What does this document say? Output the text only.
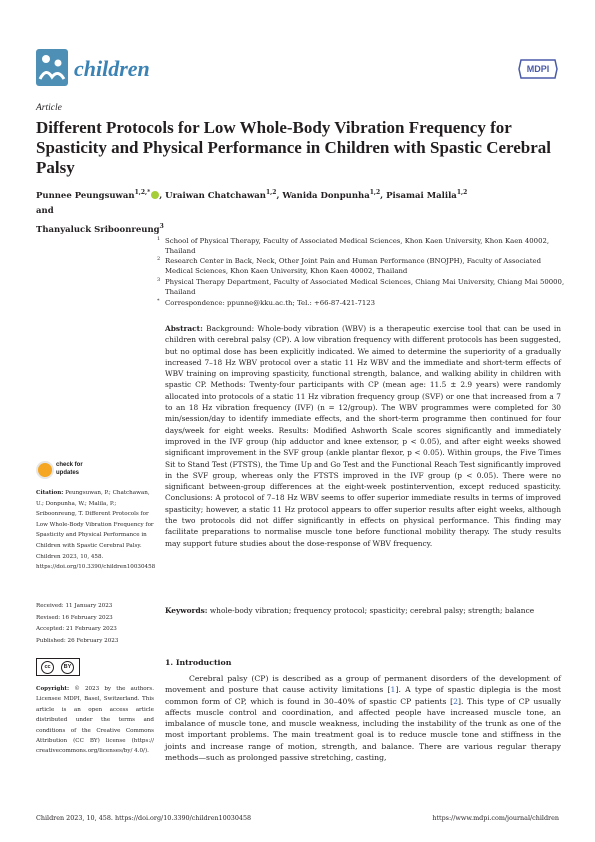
children	MDPI
Article
Different Protocols for Low Whole-Body Vibration Frequency for Spasticity and Physical Performance in Children with Spastic Cerebral Palsy
Punnee Peungsuwan$^{1,2,*}$ , Uraiwan Chatchawan$^{1,2}$, Wanida Donpunha$^{1,2}$, Pisamai Malila$^{1,2}$ and
Thanyaluck Sriboonreung$^3$
1 School of Physical Therapy, Faculty of Associated Medical Sciences, Khon Kaen University, Khon Kaen 40002, Thailand
2 Research Center in Back, Neck, Other Joint Pain and Human Performance (BNOJPH), Faculty of Associated Medical Sciences, Khon Kaen University, Khon Kaen 40002, Thailand
3 Physical Therapy Department, Faculty of Associated Medical Sciences, Chiang Mai University, Chiang Mai 50000, Thailand
* Correspondence: ppunne@kku.ac.th; Tel.: +66-87-421-7123
Abstract: Background: Whole-body vibration (WBV) is a therapeutic exercise tool that can be used in children with cerebral palsy (CP). A low vibration frequency with different protocols has been suggested, but no optimal dose has been explicitly indicated. We aimed to determine the superiority of a gradually increased 7–18 Hz WBV protocol over a static 11 Hz WBV and the immediate and short-term effects of WBV training on improving spasticity, functional strength, balance, and walking ability in children with spastic CP. Methods: Twenty-four participants with CP (mean age: 11.5 ± 2.9 years) were randomly allocated into protocols of a static 11 Hz vibration frequency group (SVF) or one that increased from a 7 to an 18 Hz vibration frequency (IVF) (n = 12/group). The WBV programmes were completed for 30 min/session/day to identify immediate effects, and the short-term programme then continued for four days/week for eight weeks. Results: Modified Ashworth Scale scores significantly and immediately improved in the IVF group (hip adductor and knee extensor, p < 0.05), and after eight weeks showed significant improvement in the SVF group (ankle plantar flexor, p < 0.05). Within groups, the Five Times Sit to Stand Test (FTSTS), the Time Up and Go Test and the Functional Reach Test significantly improved in the SVF group, whereas only the FTSTS improved in the IVF group (p < 0.05). There were no significant between-group differences at the eight-week postintervention, except reduced spasticity. Conclusions: A protocol of 7–18 Hz WBV seems to offer superior immediate results in terms of improved spasticity; however, a static 11 Hz protocol appears to offer superior results after eight weeks, although the two protocols did not differ significantly in effects on physical performance. This finding may facilitate preparations to normalise muscle tone before functional mobility therapy. The study results may support future studies about the dose-response of WBV frequency.
Keywords: whole-body vibration; frequency protocol; spasticity; cerebral palsy; strength; balance
check for
updates
Citation: Peungsuwan, P.; Chatchawan, U.; Donpunha, W.; Malila, P.; Sriboonreung, T. Different Protocols for Low Whole-Body Vibration Frequency for Spasticity and Physical Performance in Children with Spastic Cerebral Palsy. Children 2023, 10, 458. https://doi.org/10.3390/children10030458
Received: 11 January 2023
Revised: 16 February 2023
Accepted: 21 February 2023
Published: 26 February 2023
cc	BY
Copyright: © 2023 by the authors. Licensee MDPI, Basel, Switzerland. This article is an open access article distributed under the terms and conditions of the Creative Commons Attribution (CC BY) license (https:// creativecommons.org/licenses/by/ 4.0/).
1. Introduction
Cerebral palsy (CP) is described as a group of permanent disorders of the development of movement and posture that cause activity limitations [1]. A type of spastic diplegia is the most common form of CP, which is found in 30–40% of spastic CP patients [2]. This type of CP usually affects muscle control and coordination, and affected people have increased muscle tone, an imbalance of muscle tone, and muscle weakness, including the instability of the trunk as one of the most important problems. The main treatment goal is to reduce muscle tone and stiffness in the joints and increase range of motion, strength, and balance. There are various regular therapy methods—such as prolonged passive stretching, casting,
Children 2023, 10, 458. https://doi.org/10.3390/children10030458	https://www.mdpi.com/journal/children
